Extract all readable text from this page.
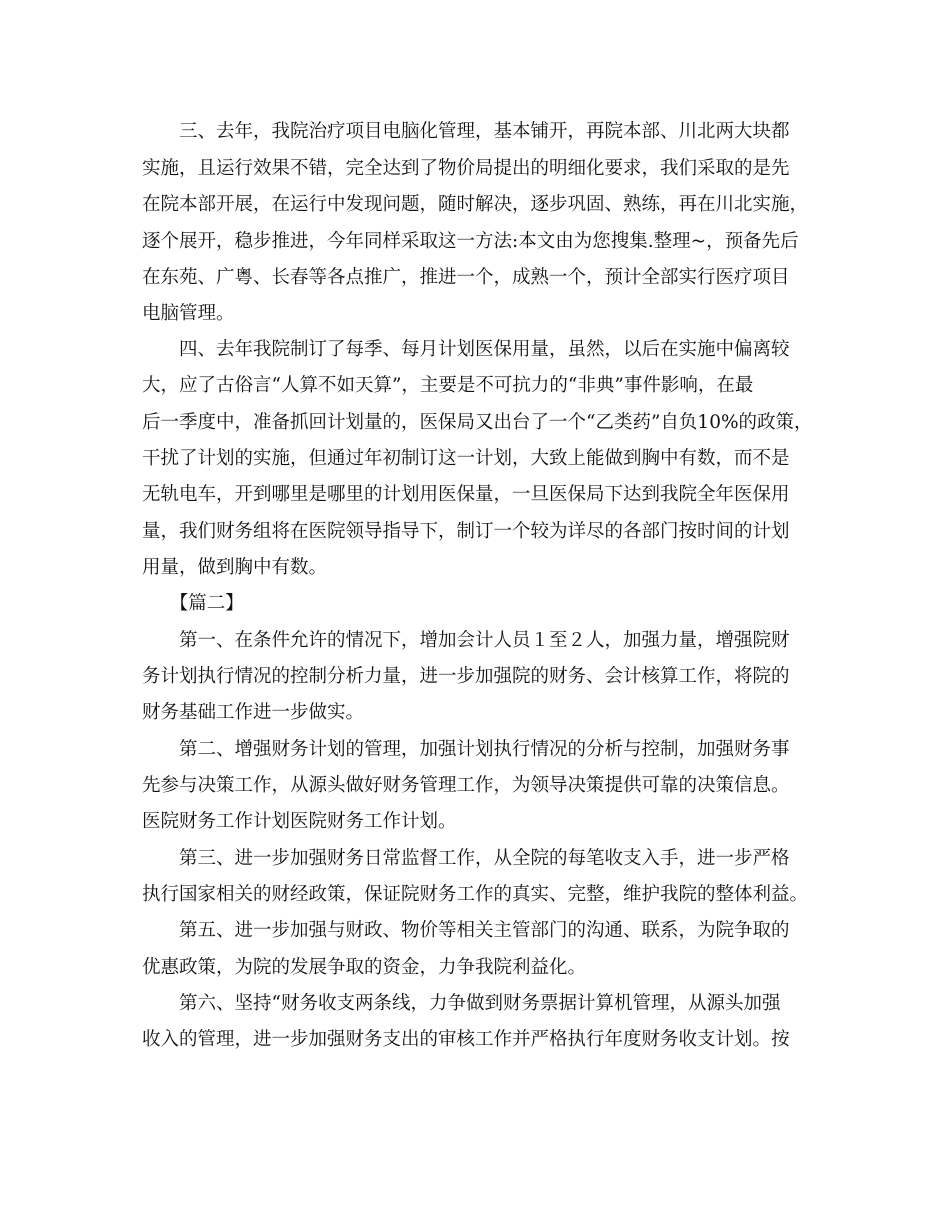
　　三、去年，我院治疗项目电脑化管理，基本铺开，再院本部、川北两大块都

实施，且运行效果不错，完全达到了物价局提出的明细化要求，我们采取的是先

在院本部开展，在运行中发现问题，随时解决，逐步巩固、熟练，再在川北实施，

逐个展开，稳步推进，今年同样采取这一方法:本文由为您搜集.整理~，预备先后

在东苑、广粤、长春等各点推广，推进一个，成熟一个，预计全部实行医疗项目

电脑管理。

　　四、去年我院制订了每季、每月计划医保用量，虽然，以后在实施中偏离较

大，应了古俗言“人算不如天算”，主要是不可抗力的“非典”事件影响，在最

后一季度中，准备抓回计划量的，医保局又出台了一个“乙类药”自负10%的政策，

干扰了计划的实施，但通过年初制订这一计划，大致上能做到胸中有数，而不是

无轨电车，开到哪里是哪里的计划用医保量，一旦医保局下达到我院全年医保用

量，我们财务组将在医院领导指导下，制订一个较为详尽的各部门按时间的计划

用量，做到胸中有数。

　　【篇二】

　　第一、在条件允许的情况下，增加会计人员１至２人，加强力量，增强院财

务计划执行情况的控制分析力量，进一步加强院的财务、会计核算工作，将院的

财务基础工作进一步做实。

　　第二、增强财务计划的管理，加强计划执行情况的分析与控制，加强财务事

先参与决策工作，从源头做好财务管理工作，为领导决策提供可靠的决策信息。

医院财务工作计划医院财务工作计划。

　　第三、进一步加强财务日常监督工作，从全院的每笔收支入手，进一步严格

执行国家相关的财经政策，保证院财务工作的真实、完整，维护我院的整体利益。

　　第五、进一步加强与财政、物价等相关主管部门的沟通、联系，为院争取的

优惠政策，为院的发展争取的资金，力争我院利益化。

　　第六、坚持“财务收支两条线，力争做到财务票据计算机管理，从源头加强

收入的管理，进一步加强财务支出的审核工作并严格执行年度财务收支计划。按
